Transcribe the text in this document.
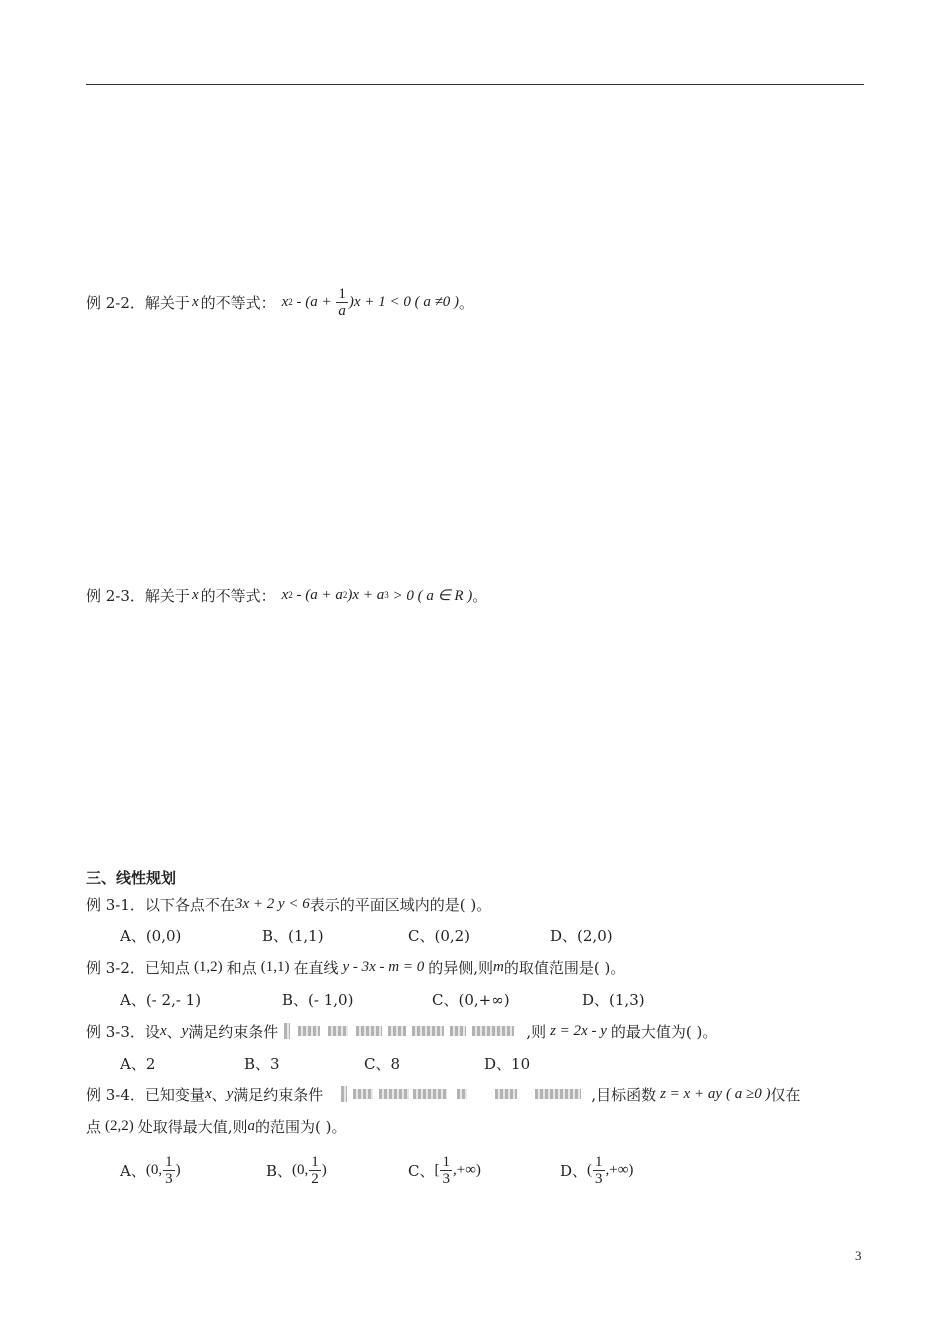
例 2-2．解关于 x 的不等式： x $2 - (a + \frac{1}{a} )x + 1 < 0$ ( a ≠0 ) 。
例 2-3．解关于 x 的不等式： x 2 - (a + a 2 )x + a 3 > 0 ( a ∈ R ) 。
三、线性规划
例 3-1．以下各点不在 3x + 2 y < 6 表示的平面区域内的是( )。
A、(0,0)	B、(1,1)	C、(0,2)	D、(2,0)
例 3-2．已知点 (1,2) 和点 (1,1) 在直线 y - 3x - m = 0 的异侧,则 m 的取值范围是( )。
A、(- 2,- 1)	B、(- 1,0)	C、(0,+∞)	D、(1,3)
例 3-3．设 x 、 y 满足约束条件	,则 z = 2x - y 的最大值为( )。
A、2	B、3	C、8	D、10
例 3-4．已知变量 x 、 y 满足约束条件	,目标函数 z = x + ay ( a ≥0 ) 仅在
点 (2,2) 处取得最大值,则 a 的范围为( )。
A、 (0, $\frac{1}{3}$ )	B、 (0, $\frac{1}{2}$ )	C、 [ $\frac{1}{3}$ ,+∞)	D、 ( $\frac{1}{3}$ ,+∞)
3
